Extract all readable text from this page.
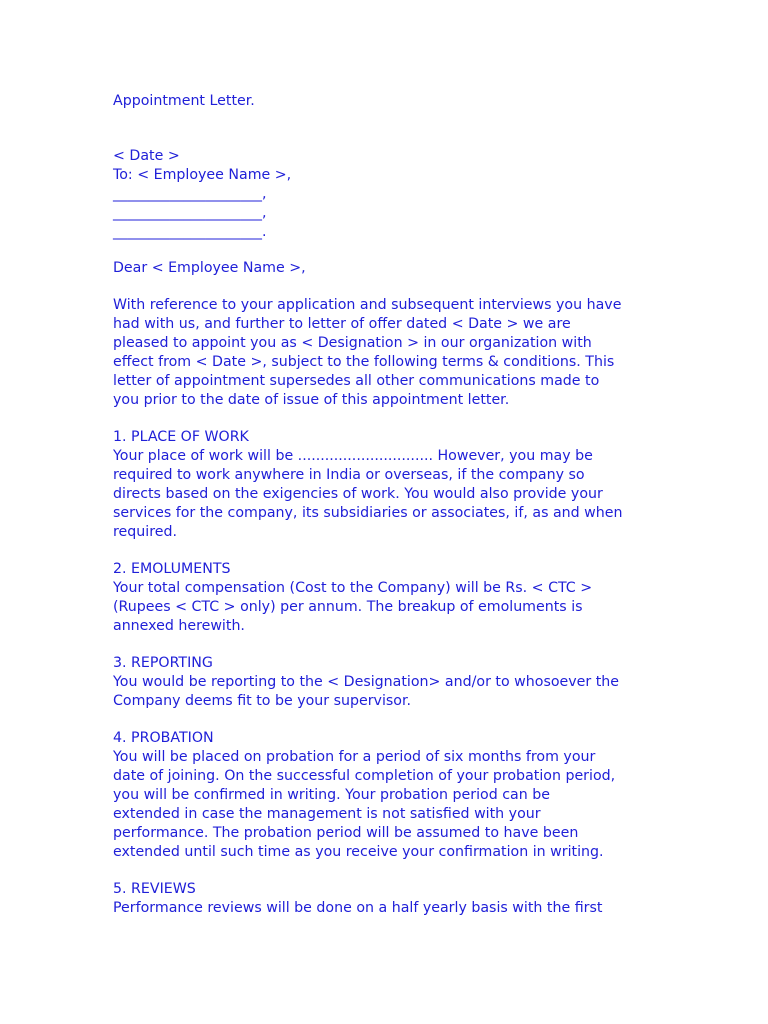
Appointment Letter.
< Date >
To: < Employee Name >,
_____________________,
_____________________,
_____________________.
Dear < Employee Name >,
With reference to your application and subsequent interviews you have
had with us, and further to letter of offer dated < Date > we are
pleased to appoint you as < Designation > in our organization with
effect from < Date >, subject to the following terms & conditions. This
letter of appointment supersedes all other communications made to
you prior to the date of issue of this appointment letter.
1. PLACE OF WORK
Your place of work will be .............................. However, you may be
required to work anywhere in India or overseas, if the company so
directs based on the exigencies of work. You would also provide your
services for the company, its subsidiaries or associates, if, as and when
required.
2. EMOLUMENTS
Your total compensation (Cost to the Company) will be Rs. < CTC >
(Rupees < CTC > only) per annum. The breakup of emoluments is
annexed herewith.
3. REPORTING
You would be reporting to the < Designation> and/or to whosoever the
Company deems fit to be your supervisor.
4. PROBATION
You will be placed on probation for a period of six months from your
date of joining. On the successful completion of your probation period,
you will be confirmed in writing. Your probation period can be
extended in case the management is not satisfied with your
performance. The probation period will be assumed to have been
extended until such time as you receive your confirmation in writing.
5. REVIEWS
Performance reviews will be done on a half yearly basis with the first
